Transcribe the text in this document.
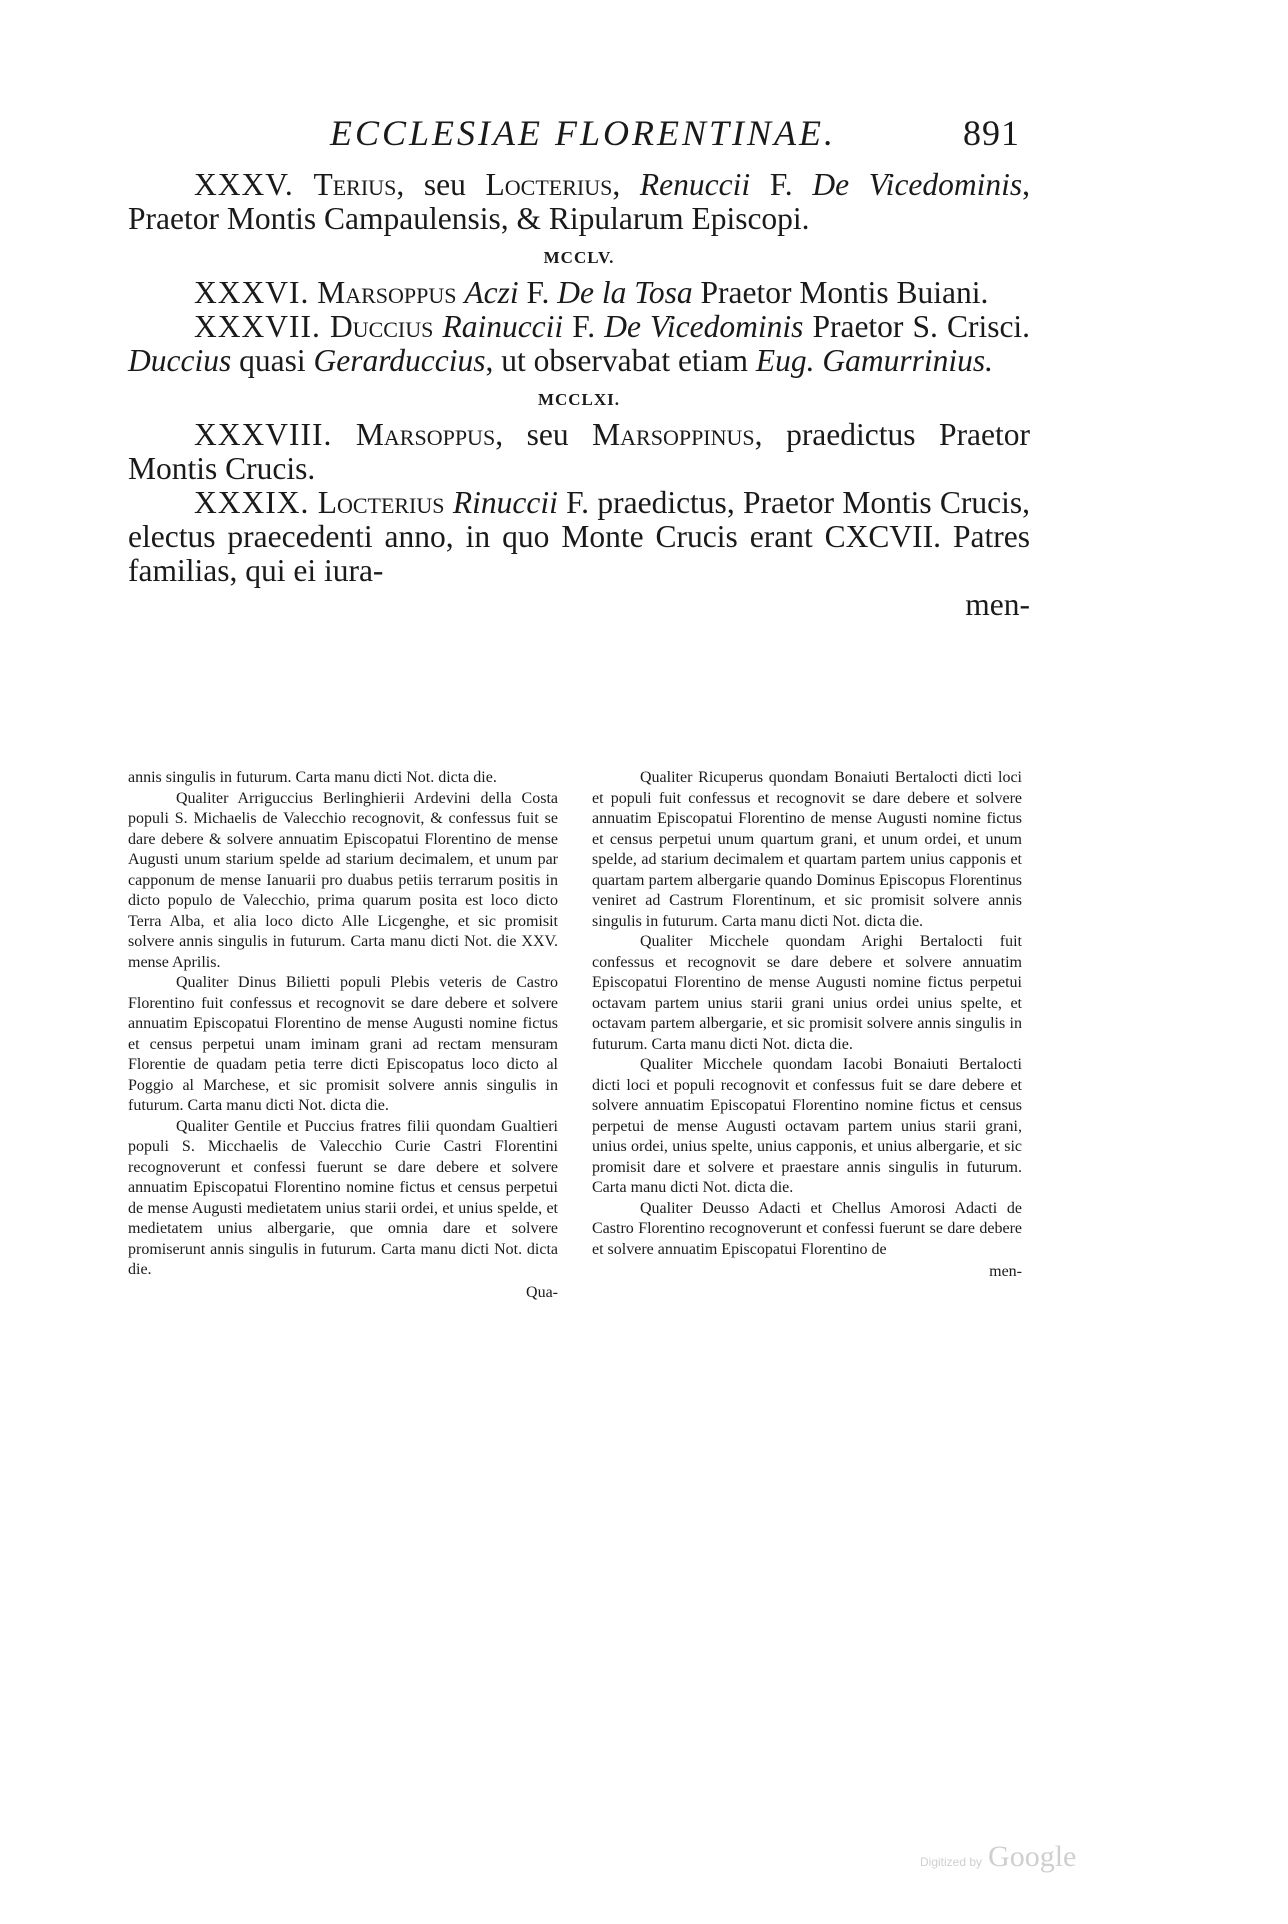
ECCLESIAE FLORENTINAE.	891

XXXV. Terius, seu Locterius, Renuccii F. De Vicedominis, Praetor Montis Campaulensis, & Ripularum Episcopi.

MCCLV.

XXXVI. Marsoppus Aczi F. De la Tosa Praetor Montis Buiani.

XXXVII. Duccius Rainuccii F. De Vicedominis Praetor S. Crisci. Duccius quasi Gerarduccius, ut observabat etiam Eug. Gamurrinius.

MCCLXI.

XXXVIII. Marsoppus, seu Marsoppinus, praedictus Praetor Montis Crucis.

XXXIX. Locterius Rinuccii F. praedictus, Praetor Montis Crucis, electus praecedenti anno, in quo Monte Crucis erant CXCVII. Patres familias, qui ei iura-

men-

annis singulis in futurum. Carta manu dicti Not. dicta die.

Qualiter Arriguccius Berlinghierii Ardevini della Costa populi S. Michaelis de Valecchio recognovit, & confessus fuit se dare debere & solvere annuatim Episcopatui Florentino de mense Augusti unum starium spelde ad starium decimalem, et unum par capponum de mense Ianuarii pro duabus petiis terrarum positis in dicto populo de Valecchio, prima quarum posita est loco dicto Terra Alba, et alia loco dicto Alle Licgenghe, et sic promisit solvere annis singulis in futurum. Carta manu dicti Not. die XXV. mense Aprilis.

Qualiter Dinus Bilietti populi Plebis veteris de Castro Florentino fuit confessus et recognovit se dare debere et solvere annuatim Episcopatui Florentino de mense Augusti nomine fictus et census perpetui unam iminam grani ad rectam mensuram Florentie de quadam petia terre dicti Episcopatus loco dicto al Poggio al Marchese, et sic promisit solvere annis singulis in futurum. Carta manu dicti Not. dicta die.

Qualiter Gentile et Puccius fratres filii quondam Gualtieri populi S. Micchaelis de Valecchio Curie Castri Florentini recognoverunt et confessi fuerunt se dare debere et solvere annuatim Episcopatui Florentino nomine fictus et census perpetui de mense Augusti medietatem unius starii ordei, et unius spelde, et medietatem unius albergarie, que omnia dare et solvere promiserunt annis singulis in futurum. Carta manu dicti Not. dicta die.

Qua-

Qualiter Ricuperus quondam Bonaiuti Bertalocti dicti loci et populi fuit confessus et recognovit se dare debere et solvere annuatim Episcopatui Florentino de mense Augusti nomine fictus et census perpetui unum quartum grani, et unum ordei, et unum spelde, ad starium decimalem et quartam partem unius capponis et quartam partem albergarie quando Dominus Episcopus Florentinus veniret ad Castrum Florentinum, et sic promisit solvere annis singulis in futurum. Carta manu dicti Not. dicta die.

Qualiter Micchele quondam Arighi Bertalocti fuit confessus et recognovit se dare debere et solvere annuatim Episcopatui Florentino de mense Augusti nomine fictus perpetui octavam partem unius starii grani unius ordei unius spelte, et octavam partem albergarie, et sic promisit solvere annis singulis in futurum. Carta manu dicti Not. dicta die.

Qualiter Micchele quondam Iacobi Bonaiuti Bertalocti dicti loci et populi recognovit et confessus fuit se dare debere et solvere annuatim Episcopatui Florentino nomine fictus et census perpetui de mense Augusti octavam partem unius starii grani, unius ordei, unius spelte, unius capponis, et unius albergarie, et sic promisit dare et solvere et praestare annis singulis in futurum. Carta manu dicti Not. dicta die.

Qualiter Deusso Adacti et Chellus Amorosi Adacti de Castro Florentino recognoverunt et confessi fuerunt se dare debere et solvere annuatim Episcopatui Florentino de

men-

Digitized by Google
